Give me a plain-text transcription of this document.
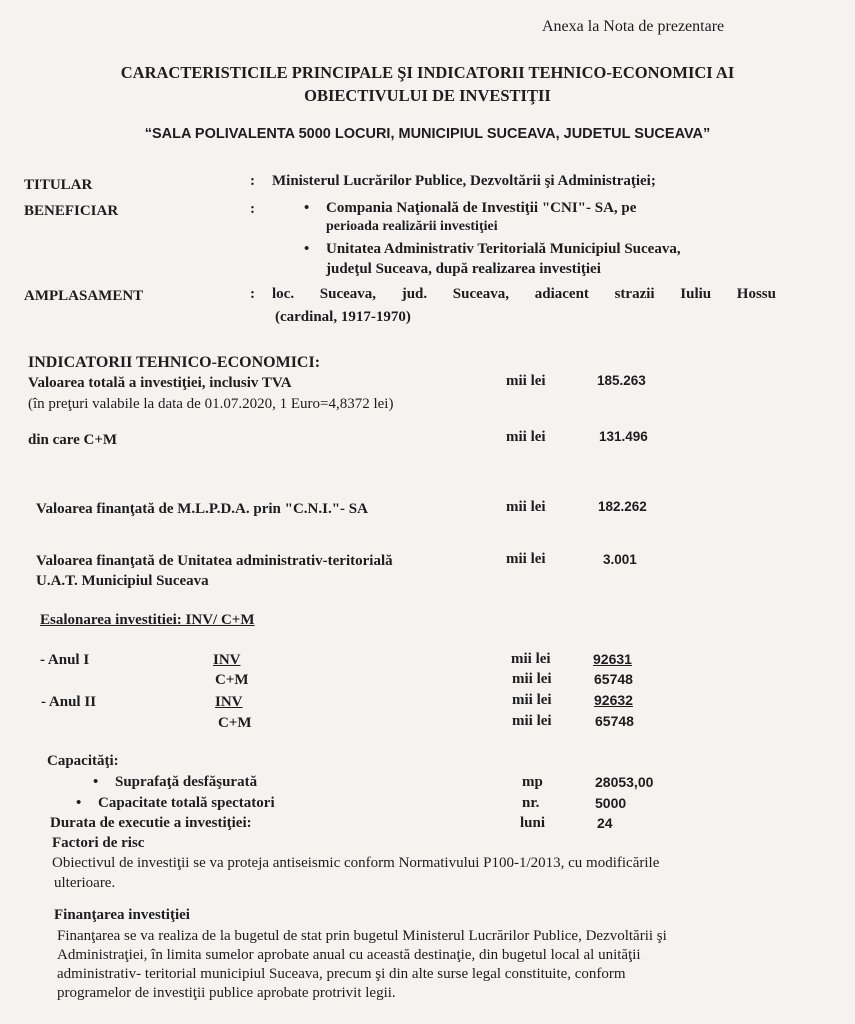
Anexa la Nota de prezentare
CARACTERISTICILE PRINCIPALE ŞI INDICATORII TEHNICO-ECONOMICI AI
OBIECTIVULUI DE INVESTIŢII
“SALA POLIVALENTA 5000 LOCURI, MUNICIPIUL SUCEAVA, JUDETUL SUCEAVA”
TITULAR	: Ministerul Lucrărilor Publice, Dezvoltării şi Administraţiei;
BENEFICIAR	:
•	Compania Naţională de Investiţii "CNI"- SA, pe
perioada realizării investiţiei
• Unitatea Administrativ Teritorială Municipiul Suceava,
judeţul Suceava, după realizarea investiţiei
AMPLASAMENT	: loc. Suceava, jud. Suceava, adiacent strazii Iuliu Hossu
(cardinal, 1917-1970)
INDICATORII TEHNICO-ECONOMICI:
Valoarea totală a investiţiei, inclusiv TVA	mii lei	185.263
(în preţuri valabile la data de 01.07.2020, 1 Euro=4,8372 lei)
din care C+M	mii lei	131.496
Valoarea finanţată de M.L.P.D.A. prin "C.N.I."- SA	mii lei	182.262
Valoarea finanţată de Unitatea administrativ-teritorială
U.A.T. Municipiul Suceava
mii lei	3.001
Esalonarea investitiei: INV/ C+M
- Anul I	INV	mii lei	92631
C+M	mii lei	65748
- Anul II	INV	mii lei	92632
C+M	mii lei	65748
Capacităţi:
• Suprafaţă desfăşurată	mp	28053,00
• Capacitate totală spectatori	nr.	5000
Durata de executie a investiţiei:	luni	24
Factori de risc
Obiectivul de investiţii se va proteja antiseismic conform Normativului P100-1/2013, cu modificările
ulterioare.
Finanţarea investiţiei
Finanţarea se va realiza de la bugetul de stat prin bugetul Ministerul Lucrărilor Publice, Dezvoltării şi
Administraţiei, în limita sumelor aprobate anual cu această destinaţie, din bugetul local al unităţii
administrativ- teritorial municipiul Suceava, precum şi din alte surse legal constituite, conform
programelor de investiţii publice aprobate protrivit legii.
